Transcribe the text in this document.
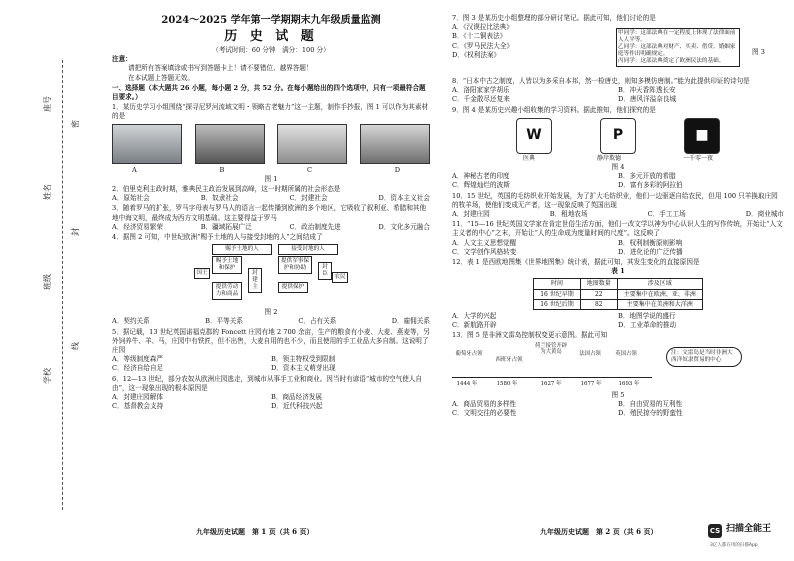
座号
姓名
班级
学校
密
封
线
2024～2025 学年第一学期期末九年级质量监测
历 史 试 题
（考试时间：60 分钟　满分：100 分）
注意：
请把所有答案填涂或书写到答题卡上！请不要错位、越界答题！
在本试题上答题无效。
一、选择题（本大题共 26 小题，每小题 2 分，共 52 分。在每小题给出的四个选项中，只有一项最符合题目要求。）
1．某历史学习小组围绕“探寻尼罗河流域文明・领略古老魅力”这一主题，制作手抄报，图 1 可以作为其素材的是
A	B	C	D
图 1
2．伯里克利主政时期，雅典民主政治发展到高峰，这一时期所属的社会形态是
A．原始社会	B．奴隶社会	C．封建社会	D．资本主义社会
3．随着罗马的扩张，罗马字母表与罗马人的语言一起传播到欧洲的多个地区，它吸收了叙利亚、希腊和其他地中海文明，最终成为西方文明基础。这主要得益于罗马
A．经济贸易繁荣	B．疆域拓展广泛	C．政治制度先进	D．文化多元融合
4．据图 2 可知，中世纪欧洲“赐予土地的人与接受封地的人”之间结成了
赐予土地的人
赐予土地和保护
接受封地的人
提供军事保护和协助
国王	封建主
封臣	农民
提供劳动力和商品
提供保护
图 2
A．契约关系	B．平等关系	C．占有关系	D．雇佣关系
5．据记载，13 世纪英国诺福克郡的 Foncett 庄园有地 2 700 余亩，生产的粮食有小麦、大麦、燕麦等，另外饲养牛、羊、马，庄园中有铁匠，但不出售，大麦自用的也不少，而且使用的手工业品大多自制。这说明了庄园
A．等级制度森严	B．领主特权受到限制
C．经济自给自足	D．资本主义萌芽出现
6．12—13 世纪，部分农奴从欧洲庄园逃走，到城市从事手工业和商业。因当时有谚语“城市的空气使人自由”，这一现象出现的根本原因是
A．封建庄园解体	B．商品经济发展
C．基督教会支持	D．近代科技兴起
九年级历史试题　第 1 页（共 6 页）
7．图 3 是某历史小组整理的部分研讨笔记。据此可知，他们讨论的是
A．《汉谟拉比法典》
B．《十二铜表法》
C．《罗马民法大全》
D．《权利法案》
甲同学：这部法典在一定程度上体现了法律面前人人平等。
乙同学：这部法典对财产、买卖、借贷、婚姻家庭等作出明确规定。
丙同学：这部法典奠定了欧洲民法的基础。
图 3
8．“日本中古之制度，人皆以为多采自本邦，然一检唐史，则知多模仿唐制。”能为此提供印证的诗句是
A．洛阳家家学胡乐	B．冲天香阵透长安
C．千金散尽还复来	D．唐风洋溢奈良城
9．图 4 是某历史兴趣小组收集的学习资料。据此推知，他们探究的是
W	P	■
医典	静岸欺德	一千零一夜
图 4
A．神秘古老的印度	B．多元开放的希腊
C．辉煌灿烂的波斯	D．富有多彩的阿拉伯
10．15 世纪，英国的毛纺织业开始发展，为了扩大毛纺织业，他们一边驱逐自给农民，但用 100 只羊换取庄园的牧羊场，使他们变成无产者，这一现象反映了英国出现
A．封建庄园	B．租地农场	C．手工工场	D．商业城市
11．“15—16 世纪英国文学家在肯定世俗生活方面，他们一改文学以神为中心认识人生的写作传统，开始让“人文主义者的中心”之末，开始让“人的生命成为度量时间的尺度”。这反映了
A．人文主义思想觉醒	B．权利制衡原则影响
C．文学创作风格转变	D．进化论的广泛传播
12．表 1 是西欧地图集《世界地图集》统计表，据此可知，其发生变化的直接原因是
表 1
时间	地图数量	涉及区域
16 世纪早期	22	主要集中在欧洲、亚、非洲
16 世纪后期	82	主要集中在美洲和大洋洲
A．大学的兴起	B．地图学说的盛行
C．新航路开辟	D．工业革命的推动
13．图 5 是非洲文雷岛控制权变更示意图。据此可知
葡萄牙占领
西班牙占领
荷兰接管开辟为大黄岛	法国占领	英国占领
1444 年	1580 年	1627 年	1677 年	1693 年
注：文雷岛是当时非洲大西洋奴隶贸易的中心
图 5
A．商品贸易的多样性	B．自由贸易的互利性
C．文明交往的必要性	D．殖民掠夺的野蛮性
九年级历史试题　第 2 页（共 6 页）	CS 扫描全能王
3亿人都在用的扫描App
